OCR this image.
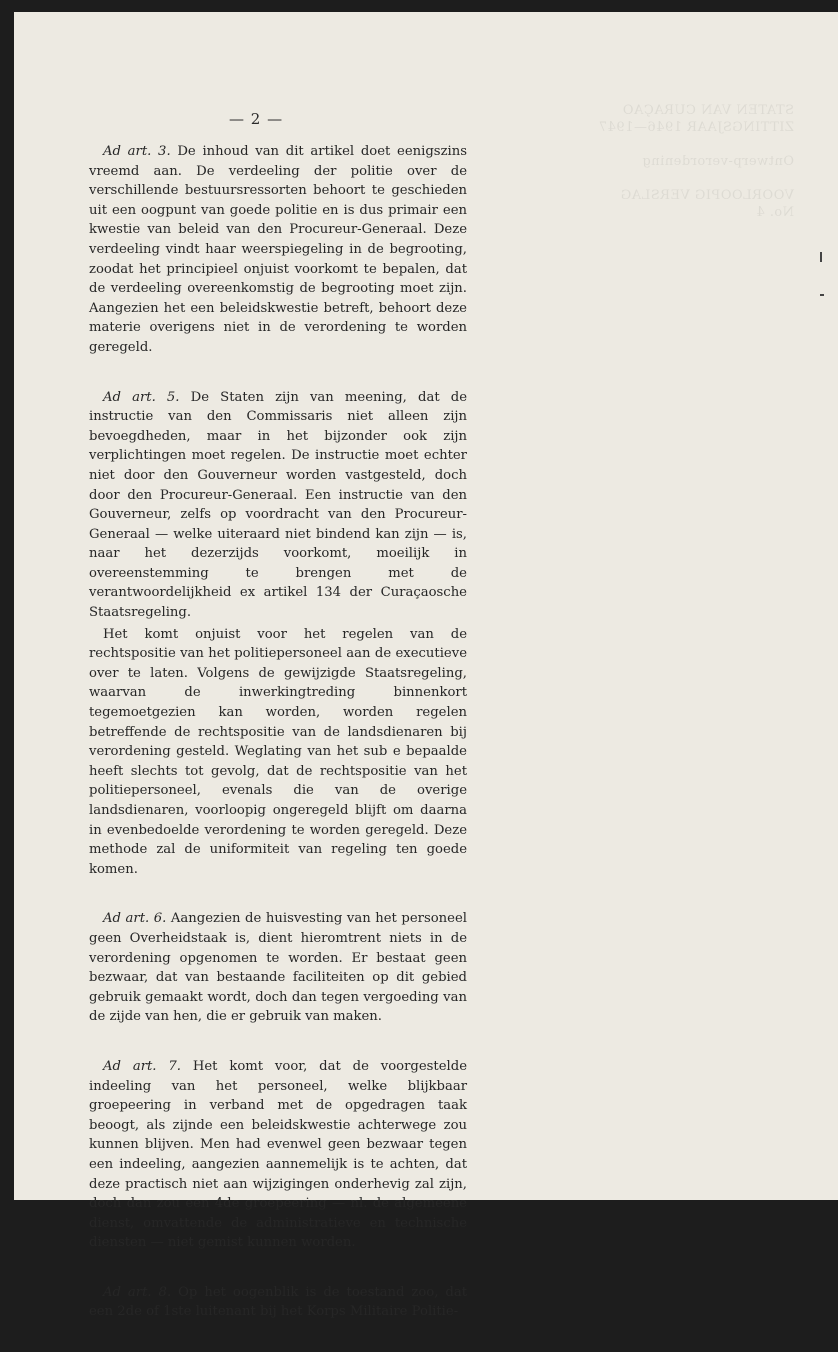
STATEN VAN CURAÇAO
ZITTINGSJAAR 1946—1947

Ontwerp-verordening

VOORLOOPIG VERSLAG
No. 4
— 2 —

Ad art. 3. De inhoud van dit artikel doet eenigszins vreemd aan. De verdeeling der politie over de verschillende bestuursressorten behoort te geschieden uit een oogpunt van goede politie en is dus primair een kwestie van beleid van den Procureur-Generaal. Deze verdeeling vindt haar weerspiegeling in de begrooting, zoodat het principieel onjuist voorkomt te bepalen, dat de verdeeling overeenkomstig de begrooting moet zijn. Aangezien het een beleidskwestie betreft, behoort deze materie overigens niet in de verordening te worden geregeld.

Ad art. 5. De Staten zijn van meening, dat de instructie van den Commissaris niet alleen zijn bevoegdheden, maar in het bijzonder ook zijn verplichtingen moet regelen. De instructie moet echter niet door den Gouverneur worden vastgesteld, doch door den Procureur-Generaal. Een instructie van den Gouverneur, zelfs op voordracht van den Procureur-Generaal — welke uiteraard niet bindend kan zijn — is, naar het dezerzijds voorkomt, moeilijk in overeenstemming te brengen met de verantwoordelijkheid ex artikel 134 der Curaçaosche Staatsregeling.

Het komt onjuist voor het regelen van de rechtspositie van het politiepersoneel aan de executieve over te laten. Volgens de gewijzigde Staatsregeling, waarvan de inwerkingtreding binnenkort tegemoetgezien kan worden, worden regelen betreffende de rechtspositie van de landsdienaren bij verordening gesteld. Weglating van het sub e bepaalde heeft slechts tot gevolg, dat de rechtspositie van het politiepersoneel, evenals die van de overige landsdienaren, voorloopig ongeregeld blijft om daarna in evenbedoelde verordening te worden geregeld. Deze methode zal de uniformiteit van regeling ten goede komen.

Ad art. 6. Aangezien de huisvesting van het personeel geen Overheidstaak is, dient hieromtrent niets in de verordening opgenomen te worden. Er bestaat geen bezwaar, dat van bestaande faciliteiten op dit gebied gebruik gemaakt wordt, doch dan tegen vergoeding van de zijde van hen, die er gebruik van maken.

Ad art. 7. Het komt voor, dat de voorgestelde indeeling van het personeel, welke blijkbaar groepeering in verband met de opgedragen taak beoogt, als zijnde een beleidskwestie achterwege zou kunnen blijven. Men had evenwel geen bezwaar tegen een indeeling, aangezien aannemelijk is te achten, dat deze practisch niet aan wijzigingen onderhevig zal zijn, doch dan zou een 4de groepeering — nl. de algemeene dienst, omvattende de administratieve en technische diensten — niet gemist kunnen worden.

Ad art. 8. Op het oogenblik is de toestand zoo, dat een 2de of 1ste luitenant bij het Korps Militaire Politie-
